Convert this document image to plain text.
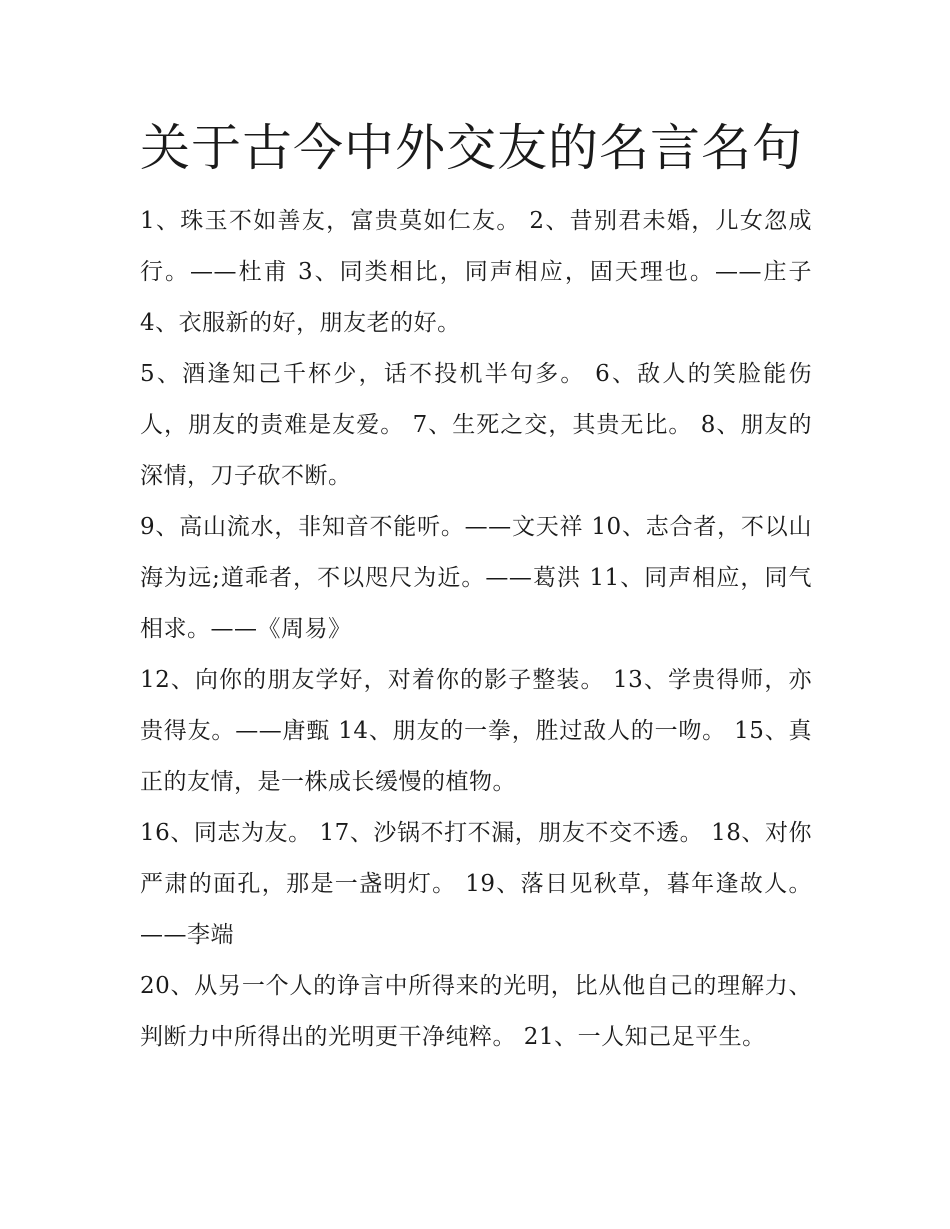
关于古今中外交友的名言名句

1、珠玉不如善友，富贵莫如仁友。 2、昔别君未婚，儿女忽成行。——杜甫 3、同类相比，同声相应，固天理也。——庄子 4、衣服新的好，朋友老的好。

5、酒逢知己千杯少，话不投机半句多。 6、敌人的笑脸能伤人，朋友的责难是友爱。 7、生死之交，其贵无比。 8、朋友的深情，刀子砍不断。

9、高山流水，非知音不能听。——文天祥 10、志合者，不以山海为远;道乖者，不以咫尺为近。——葛洪 11、同声相应，同气相求。——《周易》

12、向你的朋友学好，对着你的影子整装。 13、学贵得师，亦贵得友。——唐甄 14、朋友的一拳，胜过敌人的一吻。 15、真正的友情，是一株成长缓慢的植物。

16、同志为友。 17、沙锅不打不漏，朋友不交不透。 18、对你严肃的面孔，那是一盏明灯。 19、落日见秋草，暮年逢故人。——李端

20、从另一个人的诤言中所得来的光明，比从他自己的理解力、判断力中所得出的光明更干净纯粹。 21、一人知己足平生。
